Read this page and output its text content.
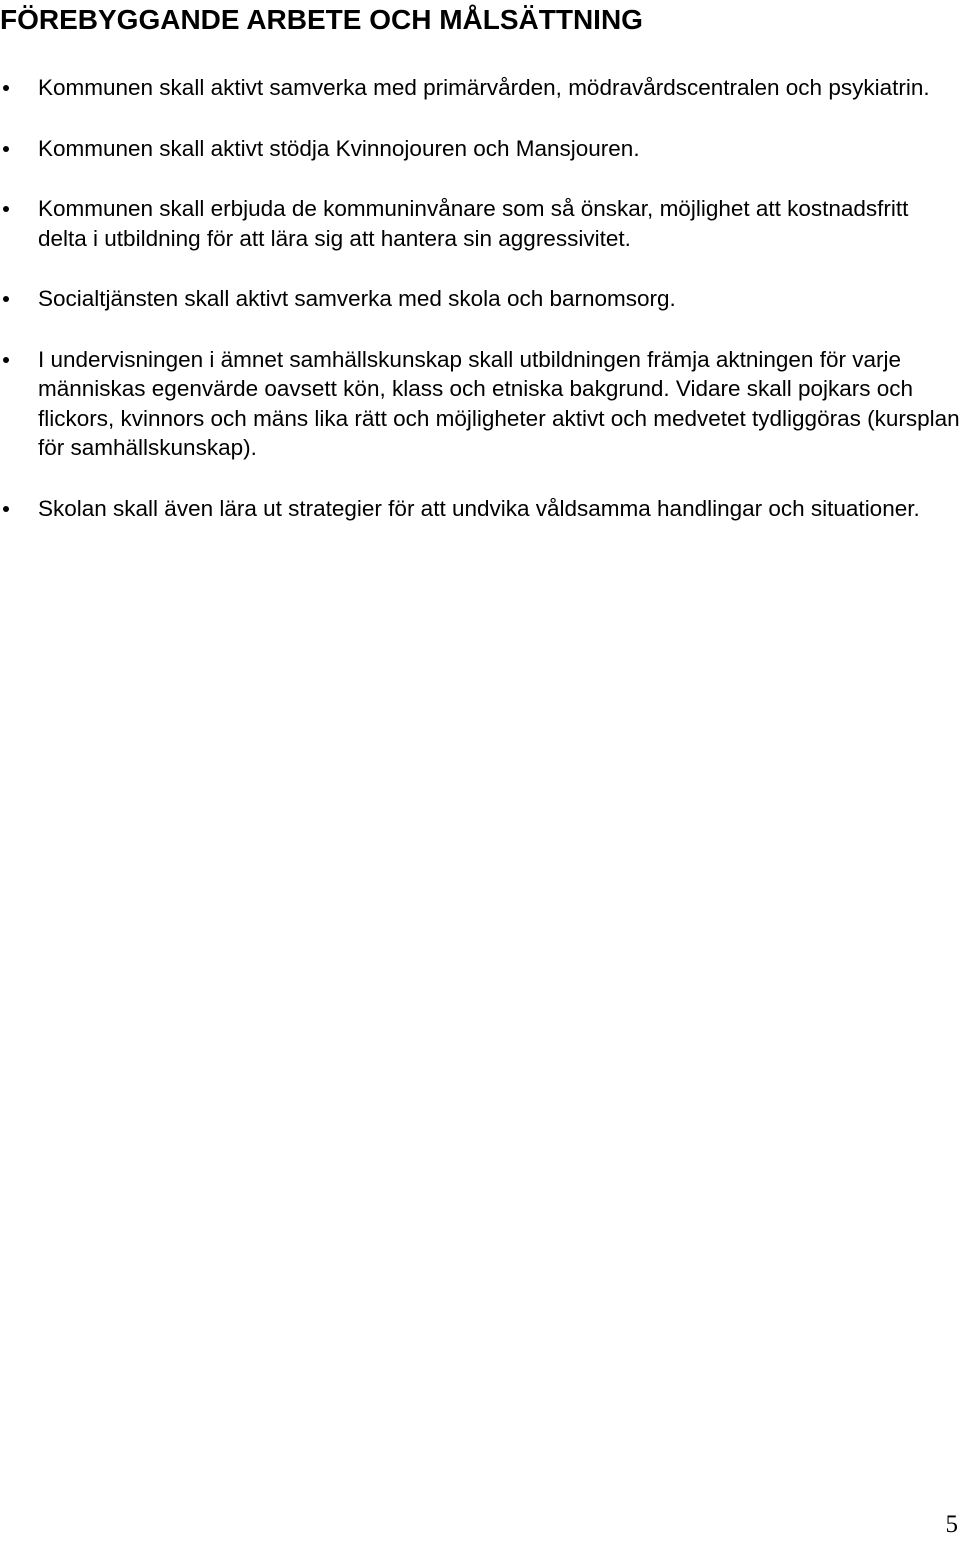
FÖREBYGGANDE ARBETE OCH MÅLSÄTTNING
Kommunen skall aktivt samverka med primärvården, mödravårdscentralen och psykiatrin.
Kommunen skall aktivt stödja Kvinnojouren och Mansjouren.
Kommunen skall erbjuda de kommuninvånare som så önskar, möjlighet att kostnadsfritt delta i utbildning för att lära sig att hantera sin aggressivitet.
Socialtjänsten skall aktivt samverka med skola och barnomsorg.
I undervisningen i ämnet samhällskunskap skall utbildningen främja aktningen för varje människas egenvärde oavsett kön, klass och etniska bakgrund. Vidare skall pojkars och flickors, kvinnors och mäns lika rätt och möjligheter aktivt och medvetet tydliggöras (kursplan för samhällskunskap).
Skolan skall även lära ut strategier för att undvika våldsamma handlingar och situationer.
5
